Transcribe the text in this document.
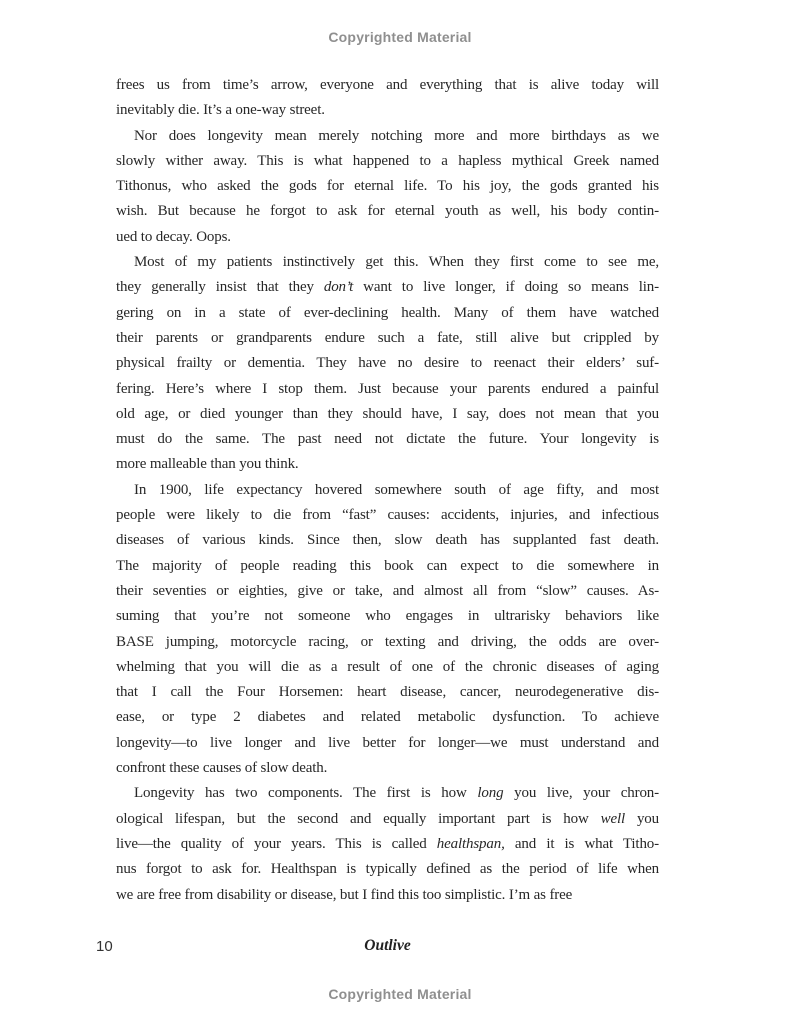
Copyrighted Material
frees us from time’s arrow, everyone and everything that is alive today will
inevitably die. It’s a one-way street.
Nor does longevity mean merely notching more and more birthdays as we
slowly wither away. This is what happened to a hapless mythical Greek named
Tithonus, who asked the gods for eternal life. To his joy, the gods granted his
wish. But because he forgot to ask for eternal youth as well, his body contin-
ued to decay. Oops.
Most of my patients instinctively get this. When they first come to see me,
they generally insist that they don’t want to live longer, if doing so means lin-
gering on in a state of ever-declining health. Many of them have watched
their parents or grandparents endure such a fate, still alive but crippled by
physical frailty or dementia. They have no desire to reenact their elders’ suf-
fering. Here’s where I stop them. Just because your parents endured a painful
old age, or died younger than they should have, I say, does not mean that you
must do the same. The past need not dictate the future. Your longevity is
more malleable than you think.
In 1900, life expectancy hovered somewhere south of age fifty, and most
people were likely to die from “fast” causes: accidents, injuries, and infectious
diseases of various kinds. Since then, slow death has supplanted fast death.
The majority of people reading this book can expect to die somewhere in
their seventies or eighties, give or take, and almost all from “slow” causes. As-
suming that you’re not someone who engages in ultrarisky behaviors like
BASE jumping, motorcycle racing, or texting and driving, the odds are over-
whelming that you will die as a result of one of the chronic diseases of aging
that I call the Four Horsemen: heart disease, cancer, neurodegenerative dis-
ease, or type 2 diabetes and related metabolic dysfunction. To achieve
longevity—to live longer and live better for longer—we must understand and
confront these causes of slow death.
Longevity has two components. The first is how long you live, your chron-
ological lifespan, but the second and equally important part is how well you
live—the quality of your years. This is called healthspan, and it is what Titho-
nus forgot to ask for. Healthspan is typically defined as the period of life when
we are free from disability or disease, but I find this too simplistic. I’m as free
10	Outlive
Copyrighted Material
